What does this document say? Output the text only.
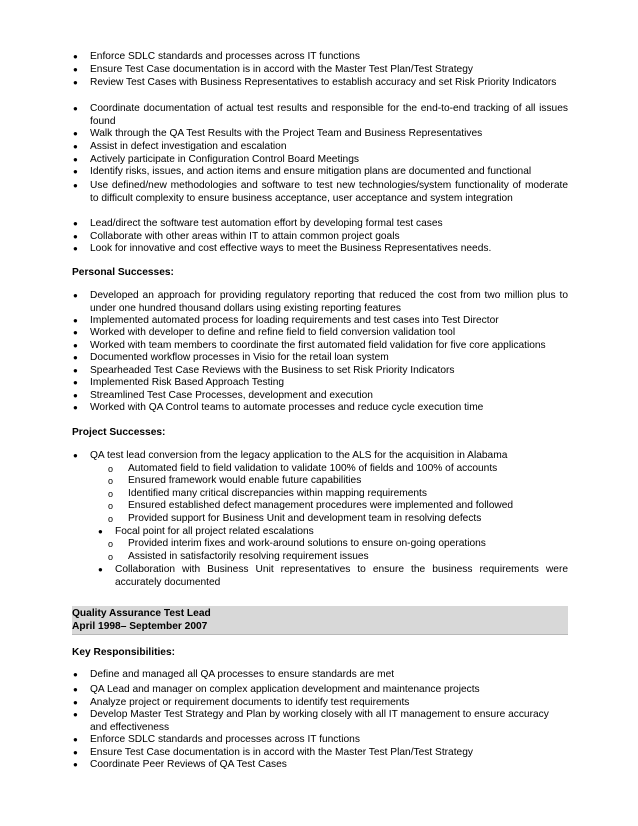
● Enforce SDLC standards and processes across IT functions
● Ensure Test Case documentation is in accord with the Master Test Plan/Test Strategy
● Review Test Cases with Business Representatives to establish accuracy and set Risk Priority Indicators
● Coordinate documentation of actual test results and responsible for the end-to-end tracking of all issues found
● Walk through the QA Test Results with the Project Team and Business Representatives
● Assist in defect investigation and escalation
● Actively participate in Configuration Control Board Meetings
● Identify risks, issues, and action items and ensure mitigation plans are documented and functional
● Use defined/new methodologies and software to test new technologies/system functionality of moderate to difficult complexity to ensure business acceptance, user acceptance and system integration
● Lead/direct the software test automation effort by developing formal test cases
● Collaborate with other areas within IT to attain common project goals
● Look for innovative and cost effective ways to meet the Business Representatives needs.
Personal Successes:
● Developed an approach for providing regulatory reporting that reduced the cost from two million plus to under one hundred thousand dollars using existing reporting features
● Implemented automated process for loading requirements and test cases into Test Director
● Worked with developer to define and refine field to field conversion validation tool
● Worked with team members to coordinate the first automated field validation for five core applications
● Documented workflow processes in Visio for the retail loan system
● Spearheaded Test Case Reviews with the Business to set Risk Priority Indicators
● Implemented Risk Based Approach Testing
● Streamlined Test Case Processes, development and execution
● Worked with QA Control teams to automate processes and reduce cycle execution time
Project Successes:
● QA test lead conversion from the legacy application to the ALS for the acquisition in Alabama
o Automated field to field validation to validate 100% of fields and 100% of accounts
o Ensured framework would enable future capabilities
o Identified many critical discrepancies within mapping requirements
o Ensured established defect management procedures were implemented and followed
o Provided support for Business Unit and development team in resolving defects
● Focal point for all project related escalations
o Provided interim fixes and work-around solutions to ensure on-going operations
o Assisted in satisfactorily resolving requirement issues
● Collaboration with Business Unit representatives to ensure the business requirements were accurately documented
Quality Assurance Test Lead
April 1998– September 2007
Key Responsibilities:
● Define and managed all QA processes to ensure standards are met
● QA Lead and manager on complex application development and maintenance projects
● Analyze project or requirement documents to identify test requirements
● Develop Master Test Strategy and Plan by working closely with all IT management to ensure accuracy and effectiveness
● Enforce SDLC standards and processes across IT functions
● Ensure Test Case documentation is in accord with the Master Test Plan/Test Strategy
● Coordinate Peer Reviews of QA Test Cases
